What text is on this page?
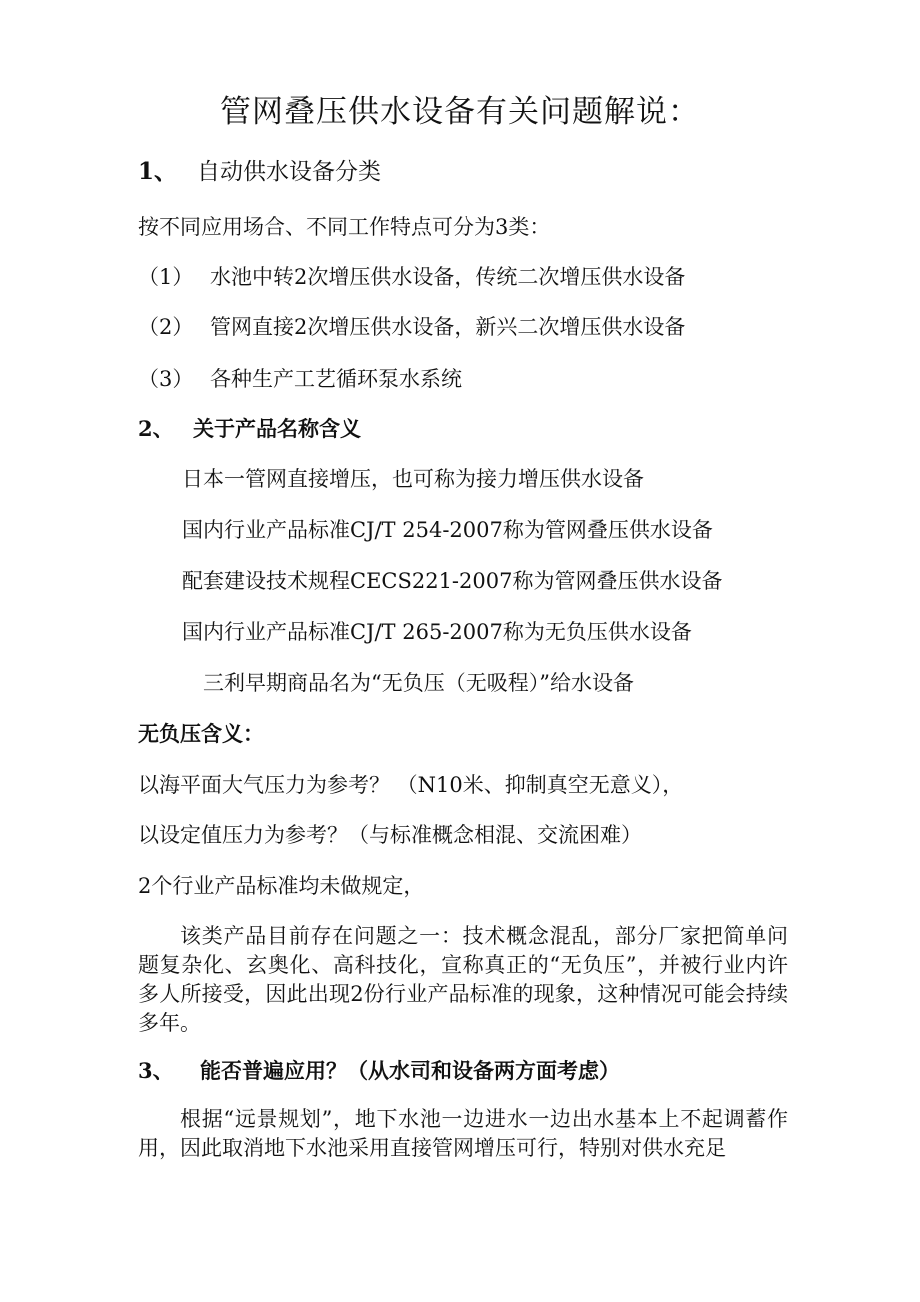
管网叠压供水设备有关问题解说：
1、 自动供水设备分类
按不同应用场合、不同工作特点可分为3类：
（1） 水池中转2次增压供水设备，传统二次增压供水设备
（2） 管网直接2次增压供水设备，新兴二次增压供水设备
（3） 各种生产工艺循环泵水系统
2、 关于产品名称含义
日本一管网直接增压，也可称为接力增压供水设备
国内行业产品标准CJ/T 254-2007称为管网叠压供水设备
配套建设技术规程CECS221-2007称为管网叠压供水设备
国内行业产品标准CJ/T 265-2007称为无负压供水设备
三利早期商品名为“无负压（无吸程）”给水设备
无负压含义：
以海平面大气压力为参考？ （N10米、抑制真空无意义），
以设定值压力为参考？（与标准概念相混、交流困难）
2个行业产品标准均未做规定，
该类产品目前存在问题之一：技术概念混乱，部分厂家把简单问题复杂化、玄奥化、高科技化，宣称真正的“无负压”，并被行业内许多人所接受，因此出现2份行业产品标准的现象，这种情况可能会持续多年。
3、 能否普遍应用？（从水司和设备两方面考虑）
根据“远景规划”，地下水池一边进水一边出水基本上不起调蓄作用，因此取消地下水池采用直接管网增压可行，特别对供水充足
